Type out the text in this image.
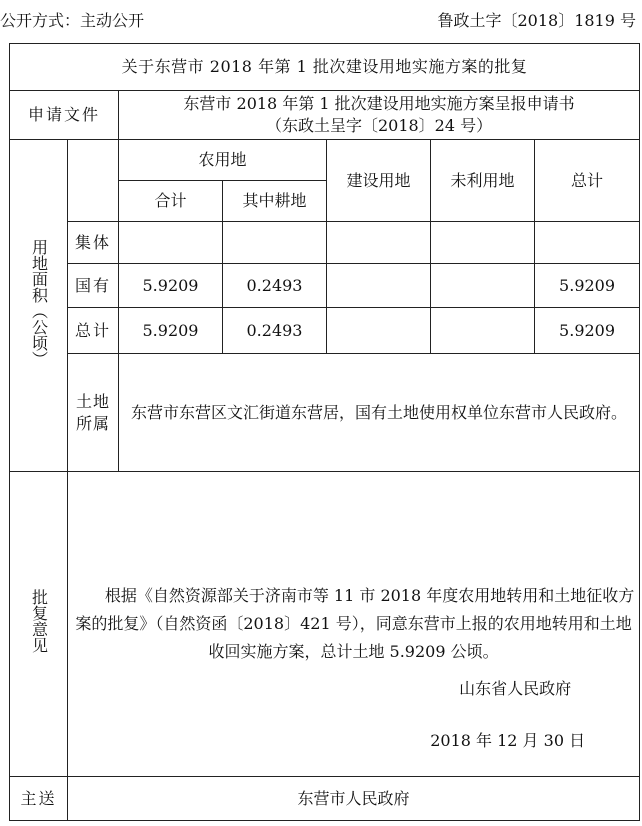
公开方式：主动公开	鲁政土字〔2018〕1819 号
关于东营市 2018 年第 1 批次建设用地实施方案的批复						
申请文件		东营市 2018 年第 1 批次建设用地实施方案呈报申请书
（东政土呈字〔2018〕24 号）				

用地面积（公顷）		农用地		建设用地	未利用地	总计
		合计	其中耕地			
	集体					
	国有	5.9209	0.2493			5.9209
	总计	5.9209	0.2493			5.9209

	土地所属	东营市东营区文汇街道东营居，国有土地使用权单位东营市人民政府。				
批复意见	根据《自然资源部关于济南市等 11 市 2018 年度农用地转用和土地征收方案的批复》（自然资函〔2018〕421 号），同意东营市上报的农用地转用和土地收回实施方案，总计土地 5.9209 公顷。
山东省人民政府
2018 年 12 月 30 日					

主送	东营市人民政府					
